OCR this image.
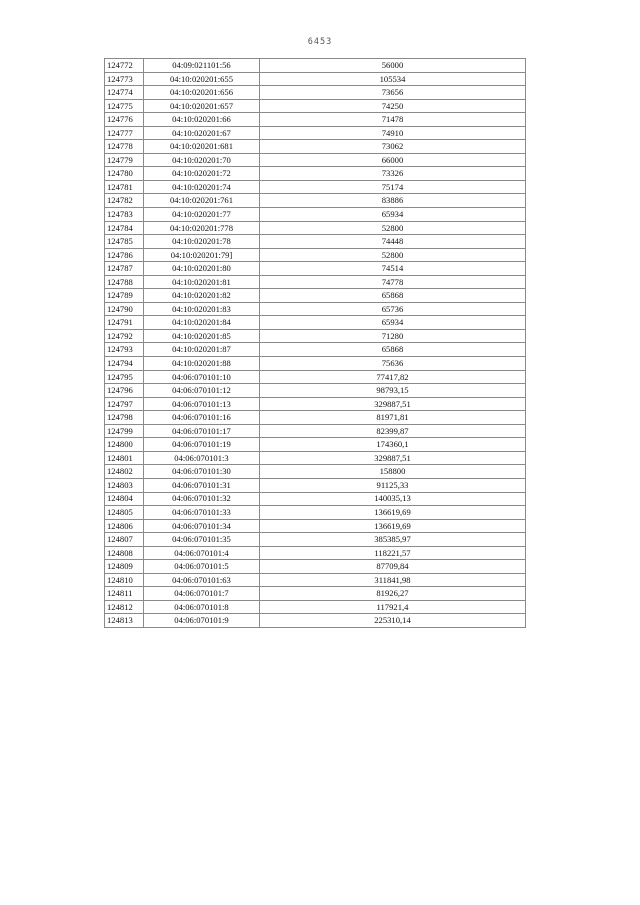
6453
124772	04:09:021101:56	56000
124773	04:10:020201:655	105534
124774	04:10:020201:656	73656
124775	04:10:020201:657	74250
124776	04:10:020201:66	71478
124777	04:10:020201:67	74910
124778	04:10:020201:681	73062
124779	04:10:020201:70	66000
124780	04:10:020201:72	73326
124781	04:10:020201:74	75174
124782	04:10:020201:761	83886
124783	04:10:020201:77	65934
124784	04:10:020201:778	52800
124785	04:10:020201:78	74448
124786	04:10:020201:79]	52800
124787	04:10:020201:80	74514
124788	04:10:020201:81	74778
124789	04:10:020201:82	65868
124790	04:10:020201:83	65736
124791	04:10:020201:84	65934
124792	04:10:020201:85	71280
124793	04:10:020201:87	65868
124794	04:10:020201:88	75636
124795	04:06:070101:10	77417,82
124796	04:06:070101:12	98793,15
124797	04:06:070101:13	329887,51
124798	04:06:070101:16	81971,81
124799	04:06:070101:17	82399,87
124800	04:06:070101:19	174360,1
124801	04:06:070101:3	329887,51
124802	04:06:070101:30	158800
124803	04:06:070101:31	91125,33
124804	04:06:070101:32	140035,13
124805	04:06:070101:33	136619,69
124806	04:06:070101:34	136619,69
124807	04:06:070101:35	385385,97
124808	04:06:070101:4	118221,57
124809	04:06:070101:5	87709,84
124810	04:06:070101:63	311841,98
124811	04:06:070101:7	81926,27
124812	04:06:070101:8	117921,4
124813	04:06:070101:9	225310,14
